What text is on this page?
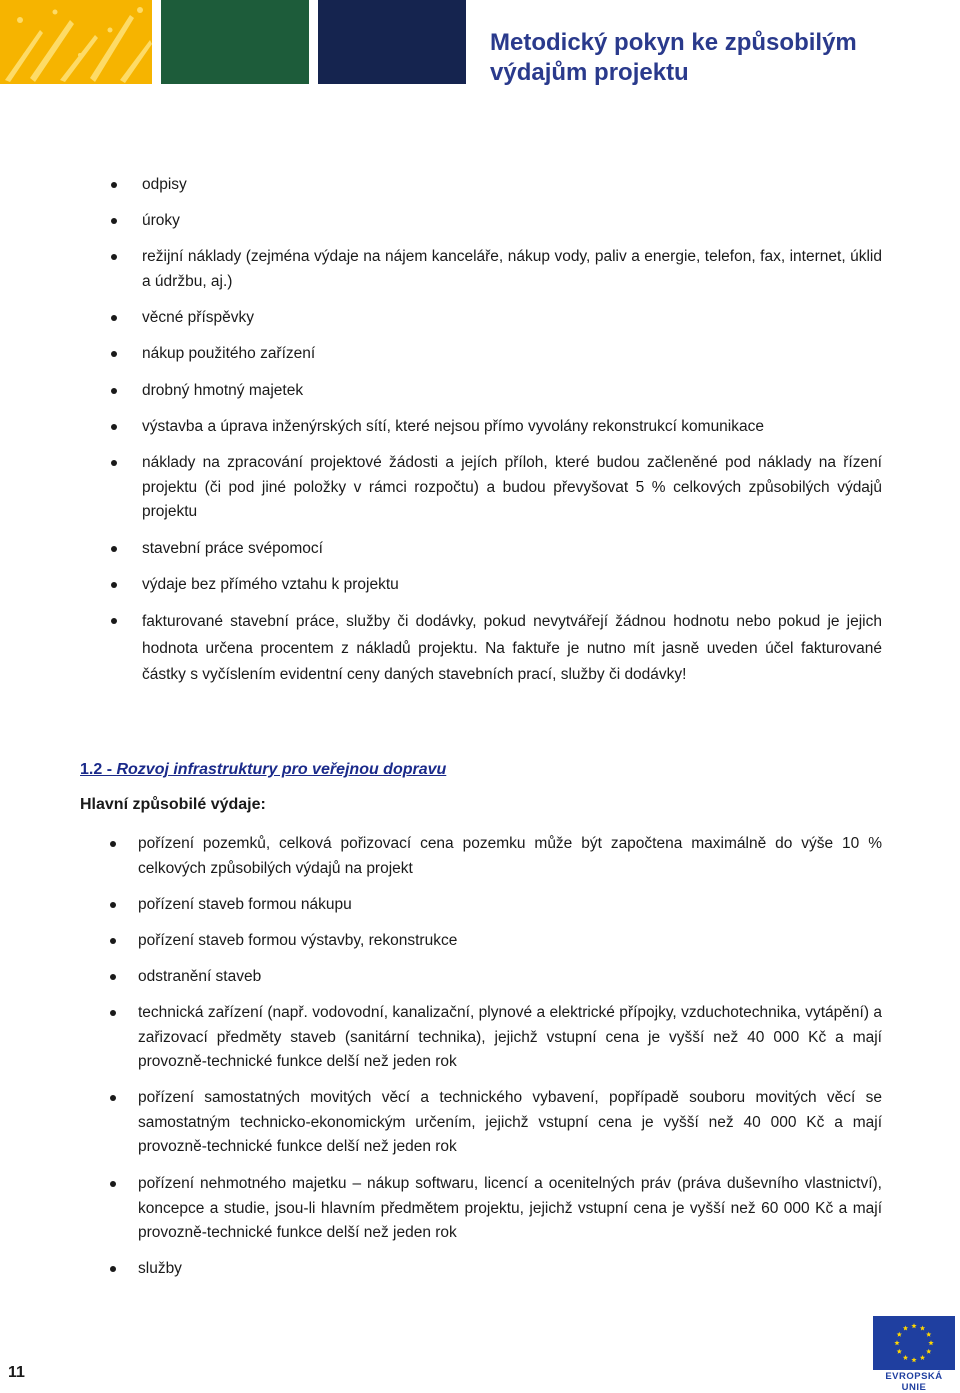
Metodický pokyn ke způsobilým
výdajům projektu
odpisy
úroky
režijní náklady (zejména výdaje na nájem kanceláře, nákup vody, paliv a energie, telefon, fax, internet, úklid a údržbu, aj.)
věcné příspěvky
nákup použitého zařízení
drobný hmotný majetek
výstavba a úprava inženýrských sítí, které nejsou přímo vyvolány rekonstrukcí komunikace
náklady na zpracování projektové žádosti a jejích příloh, které budou začleněné pod náklady na řízení projektu (či pod jiné položky v rámci rozpočtu) a budou převyšovat 5 % celkových způsobilých výdajů projektu
stavební práce svépomocí
výdaje bez přímého vztahu k projektu
fakturované stavební práce, služby či dodávky, pokud nevytvářejí žádnou hodnotu nebo pokud je jejich hodnota určena procentem z nákladů projektu. Na faktuře je nutno mít jasně uveden účel fakturované částky s vyčíslením evidentní ceny daných stavebních prací, služby či dodávky!
1.2 - Rozvoj infrastruktury pro veřejnou dopravu
Hlavní způsobilé výdaje:
pořízení pozemků, celková pořizovací cena pozemku může být započtena maximálně do výše 10 % celkových způsobilých výdajů na projekt
pořízení staveb formou nákupu
pořízení staveb formou výstavby, rekonstrukce
odstranění staveb
technická zařízení (např. vodovodní, kanalizační, plynové a elektrické přípojky, vzduchotechnika, vytápění) a zařizovací předměty staveb (sanitární technika), jejichž vstupní cena je vyšší než 40 000 Kč a mají provozně-technické funkce delší než jeden rok
pořízení samostatných movitých věcí a technického vybavení, popřípadě souboru movitých věcí se samostatným technicko-ekonomickým určením, jejichž vstupní cena je vyšší než 40 000 Kč a mají provozně-technické funkce delší než jeden rok
pořízení nehmotného majetku – nákup softwaru, licencí a ocenitelných práv (práva duševního vlastnictví), koncepce a studie, jsou-li hlavním předmětem projektu, jejichž vstupní cena je vyšší než 60 000 Kč a mají provozně-technické funkce delší než jeden rok
služby
EVROPSKÁ UNIE
11
